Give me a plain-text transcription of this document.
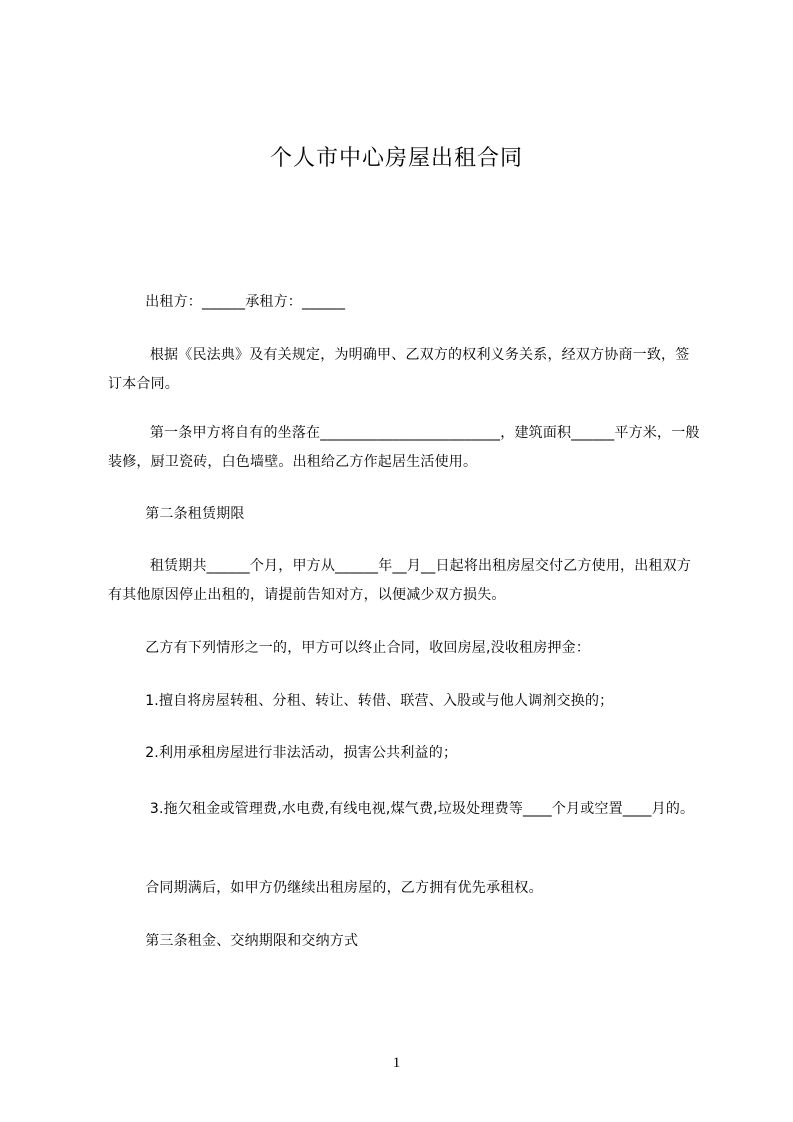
个人市中心房屋出租合同
出租方：______承租方：______
根据《民法典》及有关规定，为明确甲、乙双方的权利义务关系，经双方协商一致，签订本合同。
第一条甲方将自有的坐落在_________________________，建筑面积______平方米，一般装修，厨卫瓷砖，白色墙壁。出租给乙方作起居生活使用。
第二条租赁期限
租赁期共______个月，甲方从______年__月__日起将出租房屋交付乙方使用，出租双方有其他原因停止出租的，请提前告知对方，以便减少双方损失。
乙方有下列情形之一的，甲方可以终止合同，收回房屋,没收租房押金：
1.擅自将房屋转租、分租、转让、转借、联营、入股或与他人调剂交换的；
2.利用承租房屋进行非法活动，损害公共利益的；
3.拖欠租金或管理费,水电费,有线电视,煤气费,垃圾处理费等____个月或空置____月的。
合同期满后，如甲方仍继续出租房屋的，乙方拥有优先承租权。
第三条租金、交纳期限和交纳方式
1
